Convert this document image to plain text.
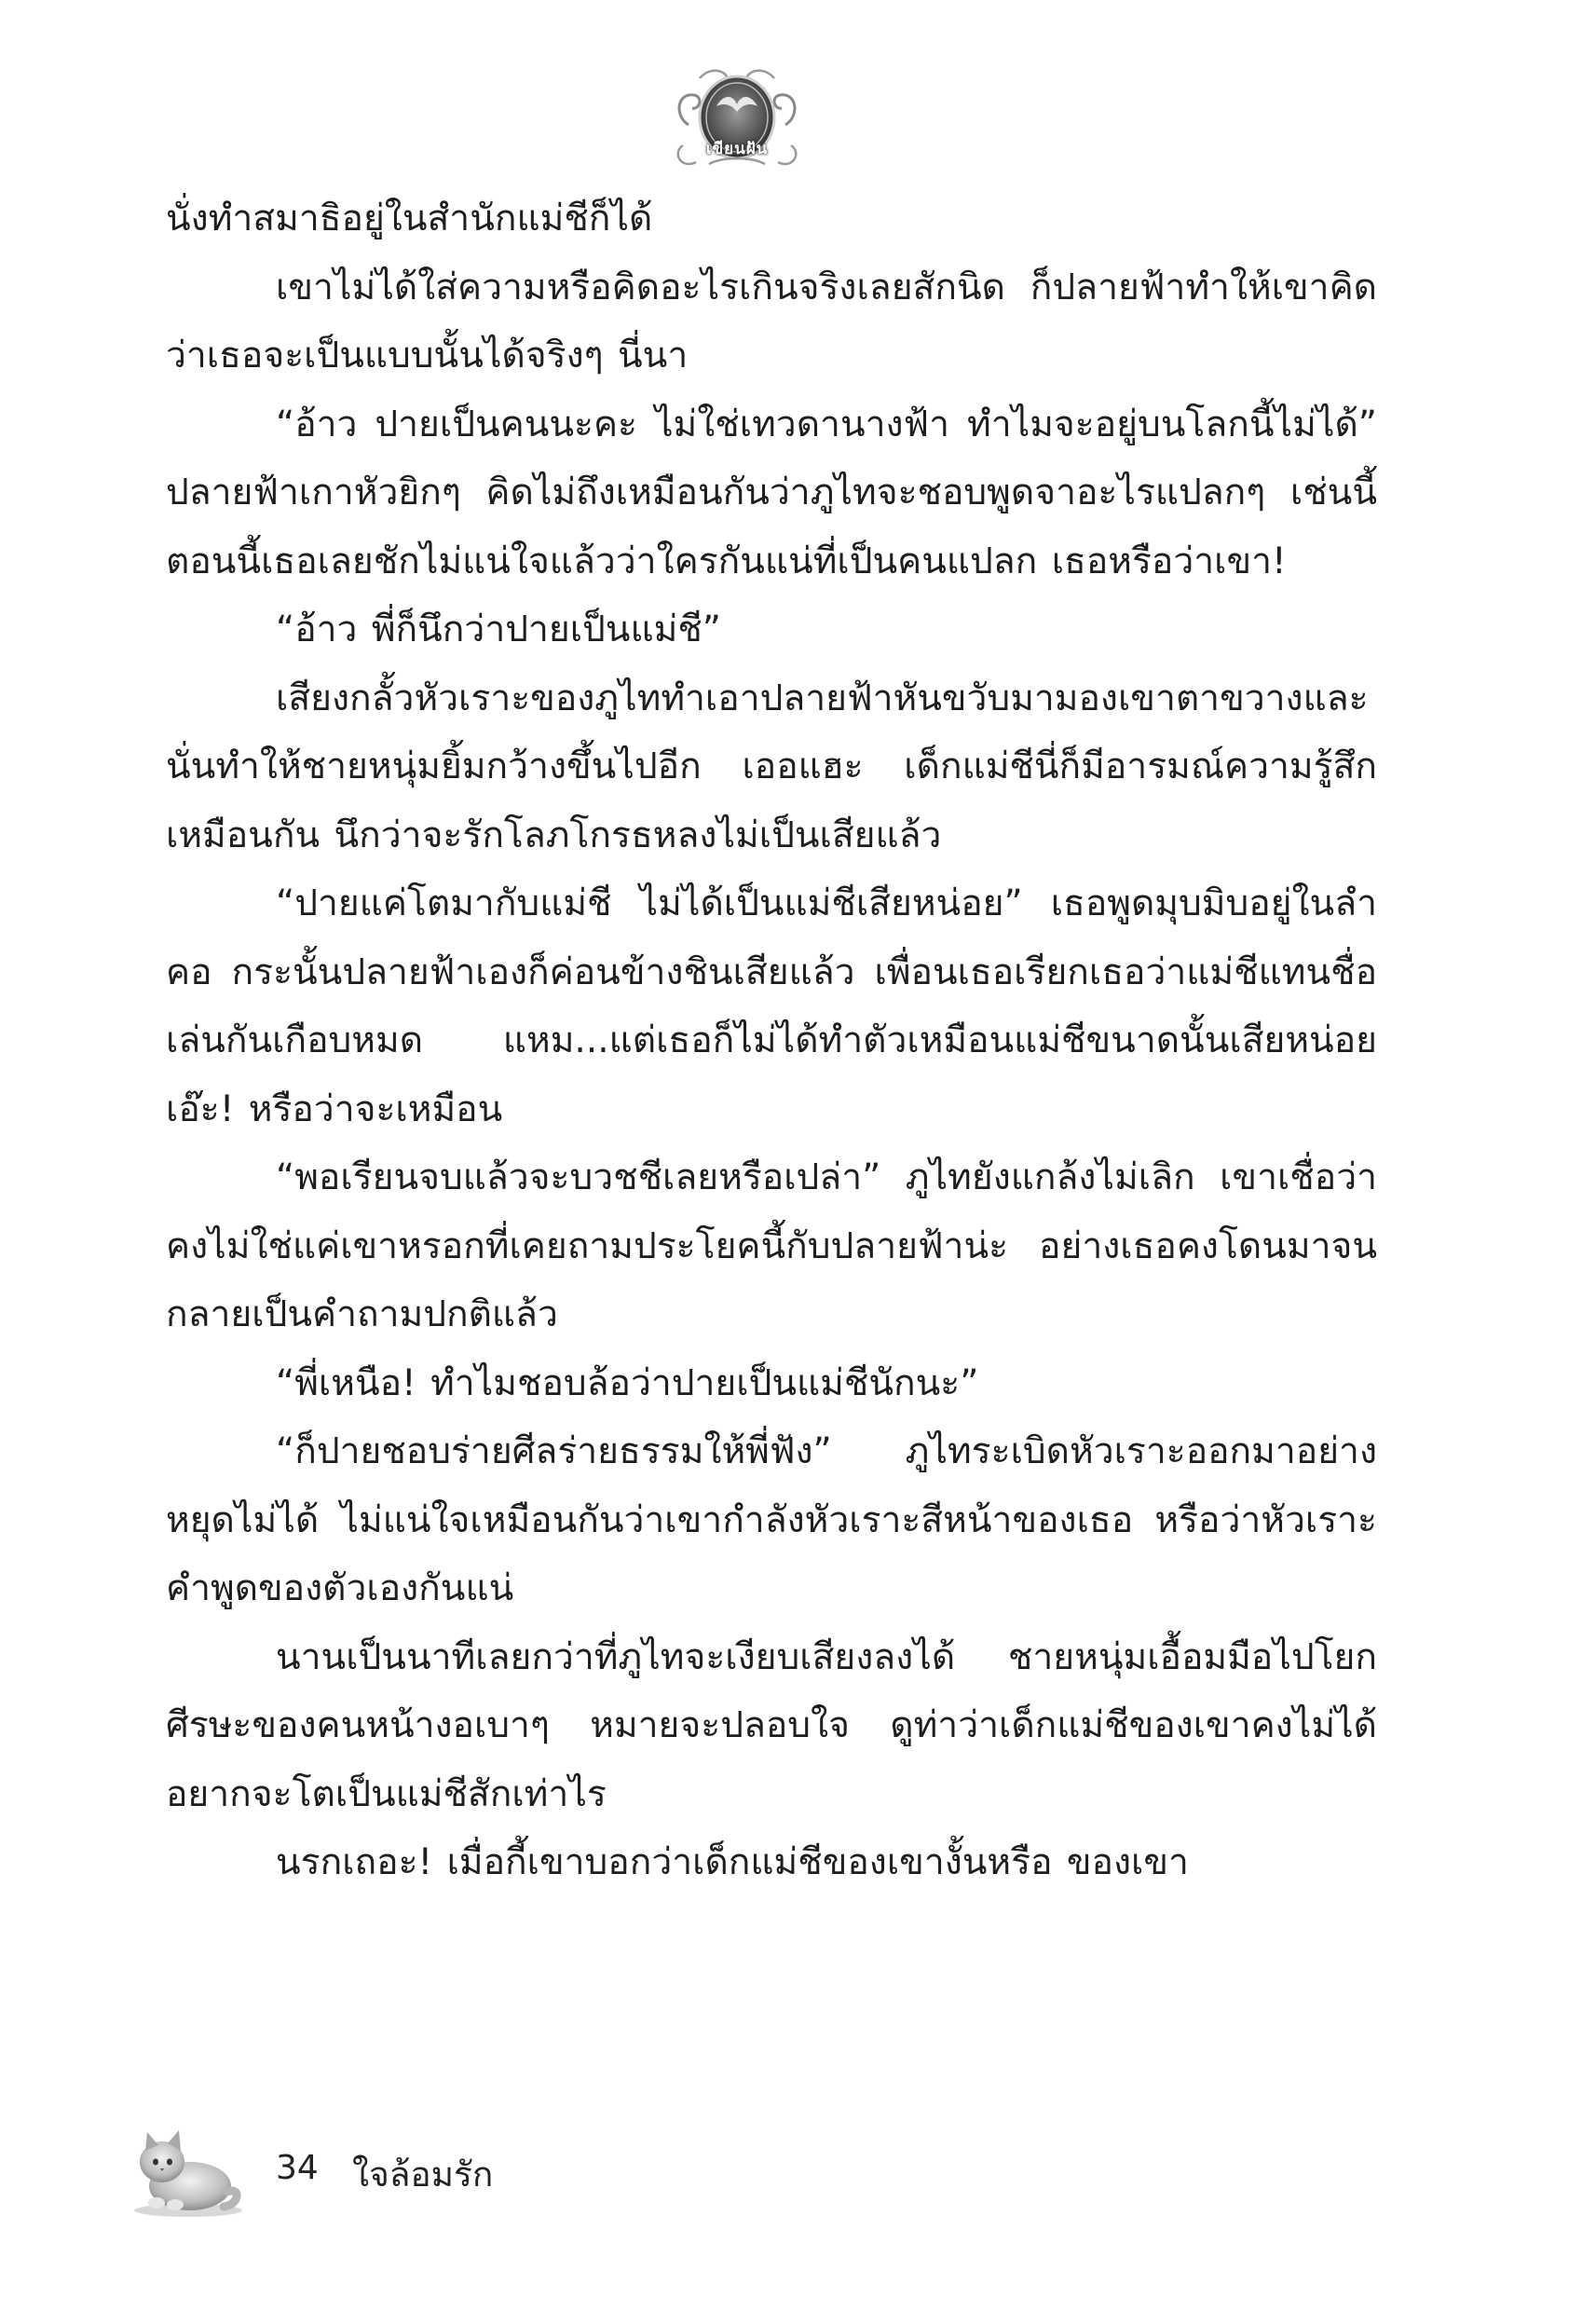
เขียนฝัน

นั่งทำสมาธิอยู่ในสำนักแม่ชีก็ได้

เขาไม่ได้ใส่ความหรือคิดอะไรเกินจริงเลยสักนิด ก็ปลายฟ้าทำให้เขาคิดว่าเธอจะเป็นแบบนั้นได้จริงๆ นี่นา

“อ้าว ปายเป็นคนนะคะ ไม่ใช่เทวดานางฟ้า ทำไมจะอยู่บนโลกนี้ไม่ได้” ปลายฟ้าเกาหัวยิกๆ คิดไม่ถึงเหมือนกันว่าภูไทจะชอบพูดจาอะไรแปลกๆ เช่นนี้ ตอนนี้เธอเลยชักไม่แน่ใจแล้วว่าใครกันแน่ที่เป็นคนแปลก เธอหรือว่าเขา!

“อ้าว พี่ก็นึกว่าปายเป็นแม่ชี”

เสียงกลั้วหัวเราะของภูไททำเอาปลายฟ้าหันขวับมามองเขาตาขวางและนั่นทำให้ชายหนุ่มยิ้มกว้างขึ้นไปอีก เออแฮะ เด็กแม่ชีนี่ก็มีอารมณ์ความรู้สึกเหมือนกัน นึกว่าจะรักโลภโกรธหลงไม่เป็นเสียแล้ว

“ปายแค่โตมากับแม่ชี ไม่ได้เป็นแม่ชีเสียหน่อย” เธอพูดมุบมิบอยู่ในลำคอ กระนั้นปลายฟ้าเองก็ค่อนข้างชินเสียแล้ว เพื่อนเธอเรียกเธอว่าแม่ชีแทนชื่อเล่นกันเกือบหมด แหม...แต่เธอก็ไม่ได้ทำตัวเหมือนแม่ชีขนาดนั้นเสียหน่อย เอ๊ะ! หรือว่าจะเหมือน

“พอเรียนจบแล้วจะบวชชีเลยหรือเปล่า” ภูไทยังแกล้งไม่เลิก เขาเชื่อว่าคงไม่ใช่แค่เขาหรอกที่เคยถามประโยคนี้กับปลายฟ้าน่ะ อย่างเธอคงโดนมาจนกลายเป็นคำถามปกติแล้ว

“พี่เหนือ! ทำไมชอบล้อว่าปายเป็นแม่ชีนักนะ”

“ก็ปายชอบร่ายศีลร่ายธรรมให้พี่ฟัง” ภูไทระเบิดหัวเราะออกมาอย่างหยุดไม่ได้ ไม่แน่ใจเหมือนกันว่าเขากำลังหัวเราะสีหน้าของเธอ หรือว่าหัวเราะคำพูดของตัวเองกันแน่

นานเป็นนาทีเลยกว่าที่ภูไทจะเงียบเสียงลงได้ ชายหนุ่มเอื้อมมือไปโยกศีรษะของคนหน้างอเบาๆ หมายจะปลอบใจ ดูท่าว่าเด็กแม่ชีของเขาคงไม่ได้อยากจะโตเป็นแม่ชีสักเท่าไร

นรกเถอะ! เมื่อกี้เขาบอกว่าเด็กแม่ชีของเขางั้นหรือ ของเขา

34 ใจล้อมรัก
